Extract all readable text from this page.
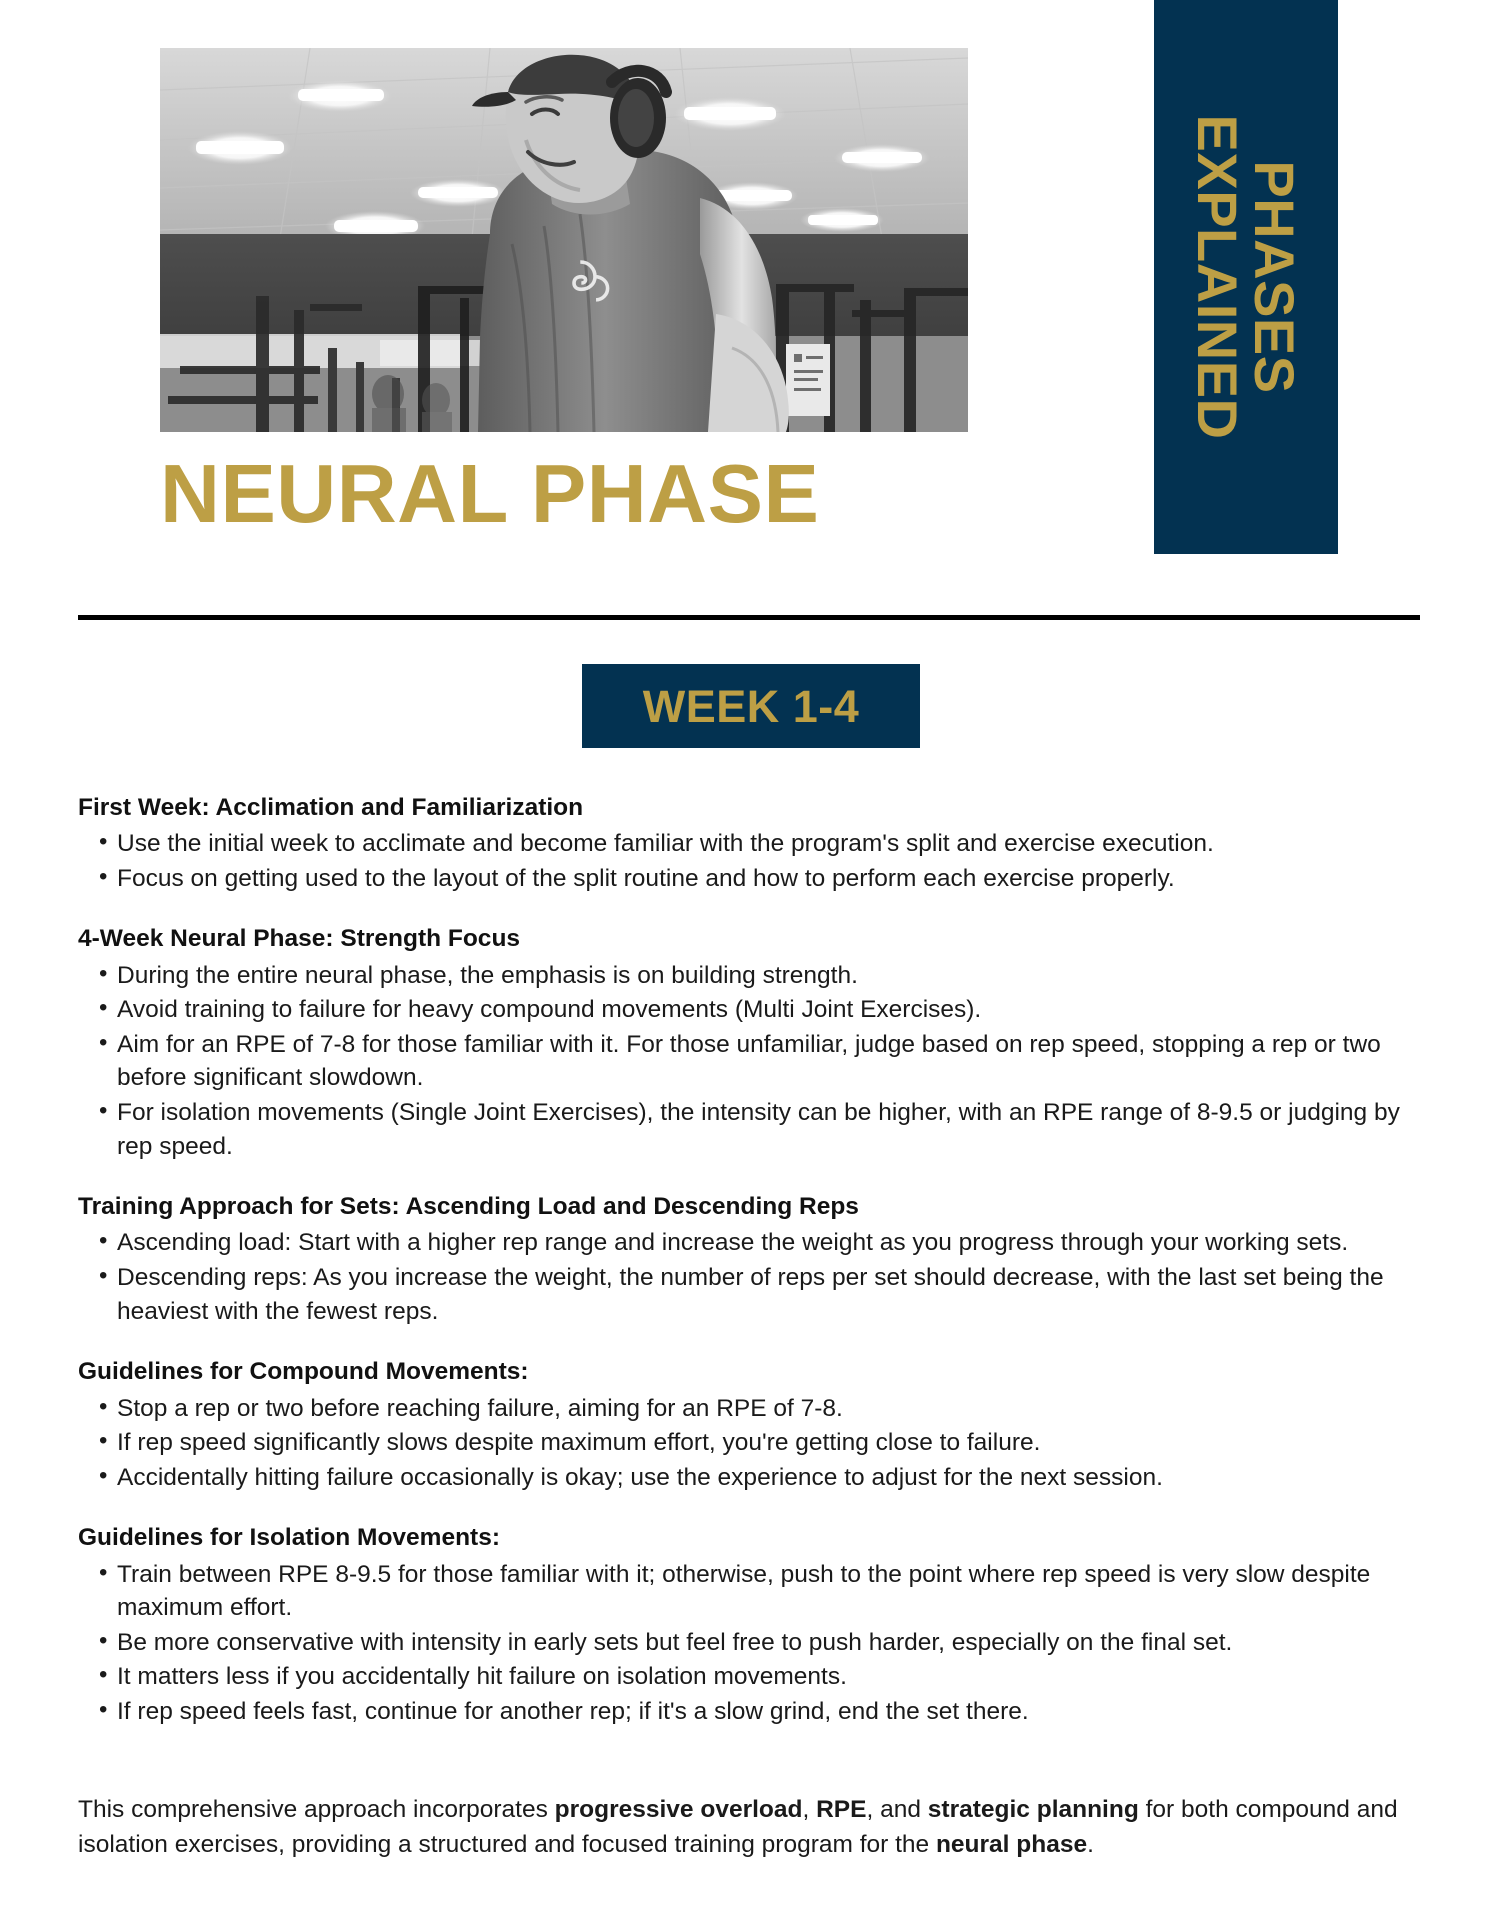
NEURAL PHASE
PHASES
EXPLAINED
WEEK 1-4
First Week: Acclimation and Familiarization
• Use the initial week to acclimate and become familiar with the program's split and exercise execution.
• Focus on getting used to the layout of the split routine and how to perform each exercise properly.
4-Week Neural Phase: Strength Focus
• During the entire neural phase, the emphasis is on building strength.
• Avoid training to failure for heavy compound movements (Multi Joint Exercises).
• Aim for an RPE of 7-8 for those familiar with it. For those unfamiliar, judge based on rep speed, stopping a rep or two before significant slowdown.
• For isolation movements (Single Joint Exercises), the intensity can be higher, with an RPE range of 8-9.5 or judging by rep speed.
Training Approach for Sets: Ascending Load and Descending Reps
• Ascending load: Start with a higher rep range and increase the weight as you progress through your working sets.
• Descending reps: As you increase the weight, the number of reps per set should decrease, with the last set being the heaviest with the fewest reps.
Guidelines for Compound Movements:
• Stop a rep or two before reaching failure, aiming for an RPE of 7-8.
• If rep speed significantly slows despite maximum effort, you're getting close to failure.
• Accidentally hitting failure occasionally is okay; use the experience to adjust for the next session.
Guidelines for Isolation Movements:
• Train between RPE 8-9.5 for those familiar with it; otherwise, push to the point where rep speed is very slow despite maximum effort.
• Be more conservative with intensity in early sets but feel free to push harder, especially on the final set.
• It matters less if you accidentally hit failure on isolation movements.
• If rep speed feels fast, continue for another rep; if it's a slow grind, end the set there.

This comprehensive approach incorporates progressive overload, RPE, and strategic planning for both compound and isolation exercises, providing a structured and focused training program for the neural phase.
